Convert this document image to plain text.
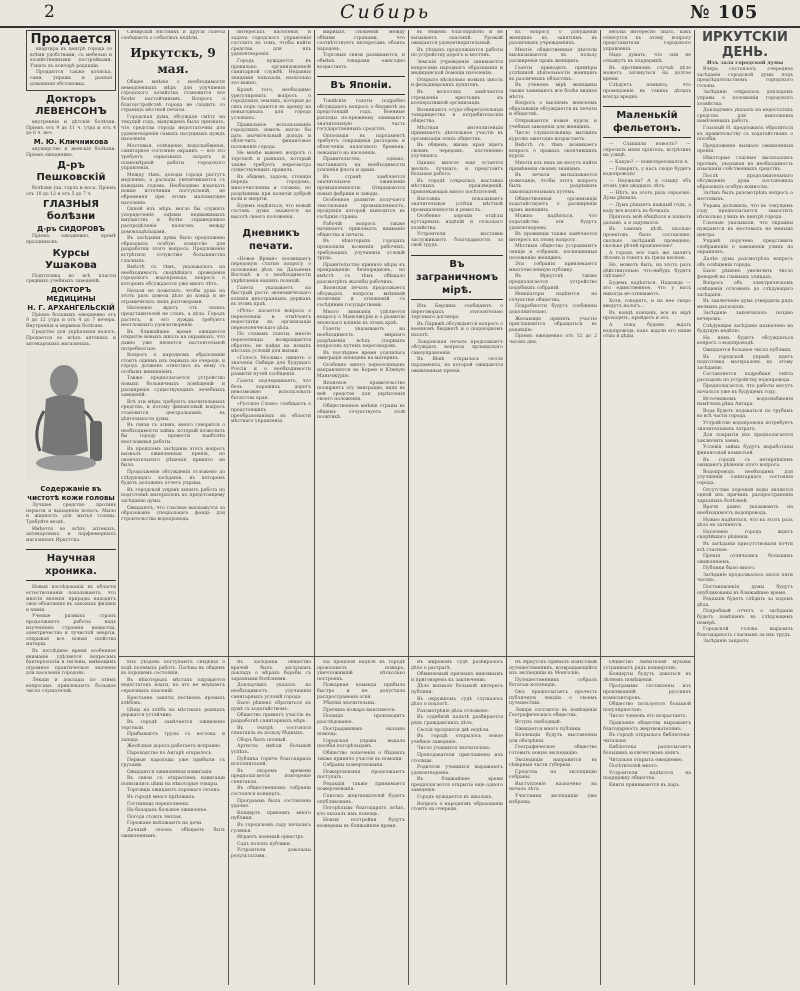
2	Сибирь	№ 105
Продается

квартира въ центрѣ города со всѣми удобствами, съ мебелью и хозяйственными постройками. Узнать въ конторѣ редакціи.

Продаются также коляска, сани, упряжь и разная домашняя обстановка.

Докторъ ЛЕВЕНСОНЪ

внутреннія и дѣтскія болѣзни. Пріемъ отъ 9 до 11 ч. утра и отъ 4 до 6 ч. веч.

М. Ю. Кличникова

акушерство и женскія болѣзни. Пріемъ ежедневно.

Д-ръ Пешковскій

болѣзни уха, горла и носа. Пріемъ отъ 10 до 12 и отъ 5 до 7 ч.

ГЛАЗНЫЯ болѣзни
Д-ръ СИДОРОВЪ

Пріемъ ежедневно, кромѣ праздниковъ.

Курсы Ушакова

Подготовка во всѣ классы среднихъ учебныхъ заведеній.

ДОКТОРЪ МЕДИЦИНЫ
Н. Г. АРХАНГЕЛЬСКІЙ

Пріемъ больныхъ ежедневно отъ 9 до 12 утра и отъ 4 до 7 вечера. Внутреннія и нервныя болѣзни.

Средство для укрѣпленія волосъ. Продается во всѣхъ аптекахъ и аптекарскихъ магазинахъ.

Содержаніе въ чистотѣ кожи головы

Лучшее средство противъ перхоти и выпаденія волосъ. Мыло и жидкость для мытья головы. Требуйте вездѣ.

Имѣется во всѣхъ аптекахъ, аптекарскихъ и парфюмерныхъ магазинахъ Иркутска.

Научная хроника.

Новыя изслѣдованія въ области естествознанія показываютъ, что многія явленія природы находятъ свое объясненіе въ законахъ физики и химіи.

Ученые разныхъ странъ продолжаютъ работы надъ изученіемъ строенія вещества, электричества и лучистой энергіи, открывая все новыя свойства матеріи.

Въ послѣднее время особенное вниманіе удѣляется вопросамъ бактеріологіи и гигіены, имѣющимъ огромное практическое значеніе для населенія городовъ.

Лекціи и доклады по этимъ вопросамъ привлекаютъ большое число слушателей.

Сибирскій Вѣстникъ и другія газеты сообщаютъ о событіяхъ недѣли.

Иркутскъ, 9 мая.

Общее мнѣніе о необходимости немедленныхъ мѣръ для улучшенія городского хозяйства становится все болѣе настойчивымъ. Вопросъ о благоустройствѣ города не сходитъ со страницъ мѣстной печати.

Городская дума, обсуждая смѣту на текущій годъ, вынуждена была признать, что средства города недостаточны для удовлетворенія самыхъ насущныхъ нуждъ населенія.

Мостовыя, освѣщеніе, водоснабженіе, санитарное состояніе окраинъ — все это требуетъ серьезныхъ затратъ и планомѣрной работы городского управленія.

Между тѣмъ, доходы города растутъ медленно, а расходы увеличиваются съ каждымъ годомъ. Необходимо изыскать новые источники поступленій, не обременяя при этомъ малоимущее населеніе.

Одной изъ мѣръ могло бы служить упорядоченіе оцѣнки недвижимыхъ имуществъ и болѣе справедливое распредѣленіе налоговъ между домовладѣльцами.

Въ засѣданіи думы было предложено образовать особую комиссію для разработки этого вопроса. Предложеніе встрѣтило сочувствіе большинства гласныхъ.

Вмѣстѣ съ тѣмъ, указывалось на необходимость скорѣйшаго проведенія городского водопровода, вопросъ о которомъ обсуждается уже много лѣтъ.

Нельзя не пожелать, чтобы дума на этотъ разъ довела дѣло до конца и не ограничилась лишь разговорами.

Населеніе ждетъ отъ своихъ представителей не словъ, а дѣла. Городъ растетъ, и его нужды требуютъ неотложнаго удовлетворенія.

Въ ближайшее время ожидается открытіе новыхъ школъ на окраинахъ, что давно уже является настоятельной потребностью.

Вопросъ о народномъ образованіи стоитъ однимъ изъ первыхъ на очереди, и городъ долженъ отнестись къ нему съ особымъ вниманіемъ.

Также предполагается устройство новыхъ больничныхъ помѣщеній и расширеніе существующихъ лечебныхъ заведеній.

Всѣ эти мѣры требуютъ значительныхъ средствъ, и потому финансовый вопросъ становится центральнымъ въ дѣятельности думы.

Въ связи съ этимъ, много говорится о необходимости займа, который позволилъ бы городу провести наиболѣе неотложныя работы.

Въ прошломъ засѣданіи этотъ вопросъ вызвалъ оживленныя пренія, но окончательнаго рѣшенія принято не было.

Продолженіе обсужденія отложено до слѣдующаго засѣданія, въ которомъ будетъ доложенъ отчетъ управы.

Въ городской управѣ кипитъ работа по подготовкѣ матеріаловъ къ предстоящему засѣданію думы.

Ожидаютъ, что гласные выскажутся за образованіе спеціальнаго фонда для строительства водопровода.

интересахъ населенія, и задача городского управленія состоитъ въ томъ, чтобы найти средства для ихъ удовлетворенія.

Городъ нуждается въ правильно организованной санитарной службѣ. Недавнія эпидеміи показали, насколько это важно.

Кромѣ того, необходимо урегулировать вопросъ о городскихъ земляхъ, которыя до сихъ поръ сдаются въ аренду на невыгодныхъ для города условіяхъ.

Правильное использованіе городскихъ земель могло бы дать значительный доходъ и облегчить финансовое положеніе города.

Не менѣе важенъ вопросъ о торговлѣ и рынкахъ, который также требуетъ пересмотра существующихъ правилъ.

Въ общемъ, задачи, стоящія передъ городомъ, многочисленны и сложны, но разрѣшимы при наличіи доброй воли и энергіи.

Будемъ надѣяться, что новый составъ думы окажется на высотѣ своего положенія.

Дневникъ печати.

«Новое Время» посвящаетъ передовую статью вопросу о положеніи дѣлъ на Дальнемъ Востокѣ и о необходимости укрѣпленія нашихъ позицій.

Газета указываетъ на быстрый ростъ экономическаго вліянія иностранныхъ державъ въ этомъ краѣ.

«Рѣчь» касается вопроса о переселеніи и отмѣчаетъ недостатки въ организаціи переселенческаго дѣла.

По словамъ газеты, многіе переселенцы возвращаются обратно, не найдя на новыхъ мѣстахъ условій для жизни.

«Голосъ Москвы» пишетъ о значеніи Сибири для будущаго Россіи и о необходимости развитія путей сообщенія.

Газета подчеркиваетъ, что безъ хорошихъ дорогъ невозможно использовать богатства края.

«Русское Слово» сообщаетъ о предстоящихъ преобразованіяхъ въ области мѣстнаго управленія.

мирныхъ сношеній между обѣими странами, что соотвѣтствуетъ интересамъ обоихъ народовъ.

Торговыя связи развиваются, и обмѣнъ товарами ежегодно возрастаетъ.

Въ Японіи.

Токійскія газеты подробно обсуждаютъ вопросъ о бюджетѣ на предстоящій годъ. Военные расходы по-прежнему занимаютъ значительную часть государственныхъ средствъ.

Оппозиція въ парламентѣ требуетъ сокращенія расходовъ и облегченія налогового бремени, лежащаго на населеніи.

Правительство, однако, настаиваетъ на необходимости усиленія флота и арміи.

Въ странѣ замѣчается значительное оживленіе промышленности. Открываются новыя фабрики и заводы.

Особенное развитіе получаетъ текстильная промышленность, продукція которой вывозится въ сосѣднія страны.

Рабочій вопросъ также начинаетъ привлекать вниманіе общества и печати.

Въ нѣкоторыхъ городахъ произошли волненія рабочихъ, требующихъ улучшенія условій труда.

Правительство приняло мѣры къ прекращенію безпорядковъ, но вмѣстѣ съ тѣмъ обѣщало разсмотрѣть жалобы рабочихъ.

Японская печать продолжаетъ обсуждать вопросы внѣшней политики и отношеній съ сосѣдними государствами.

Много вниманія удѣляется вопросу о Маньчжуріи и о развитіи японскаго вліянія въ этомъ краѣ.

Газеты указываютъ на необходимость мирнаго разрѣшенія всѣхъ спорныхъ вопросовъ путемъ переговоровъ.

Въ послѣднее время усилилась эмиграція японцевъ на материкъ.

Особенно много переселенцевъ направляется въ Корею и Южную Маньчжурію.

Японское правительство поощряетъ эту эмиграцію, видя въ ней средство для укрѣпленія своего положенія.

Общественное мнѣніе страны въ общемъ сочувствуетъ этой политикѣ.

въ общемъ благопріятно и не вызываетъ опасеній. Урожай ожидается удовлетворительный.

Въ уѣздахъ продолжаются работы по устройству дорогъ и мостовъ.

Земскія учрежденія занимаются вопросами народнаго образованія и медицинской помощи населенію.

Открыто нѣсколько новыхъ школъ и фельдшерскихъ пунктовъ.

Въ волостяхъ замѣчается стремленіе крестьянъ къ кооперативной организаціи.

Возникаютъ ссудо-сберегательныя товарищества и потребительскія общества.

Мѣстная интеллигенція принимаетъ дѣятельное участіе въ организаціи этихъ обществъ.

Въ общемъ, жизнь края идетъ своимъ чередомъ, постепенно улучшаясь.

Однако многое еще остается желать лучшаго, и предстоитъ большая работа.

Въ городѣ открылась выставка мѣстныхъ произведеній, привлекающая много посѣтителей.

Выставка показываетъ значительные успѣхи мѣстной промышленности и ремеслъ.

Особенно хороши отдѣлы кустарныхъ издѣлій и сельскаго хозяйства.

Устроители выставки заслуживаютъ благодарности за свой трудъ.

Въ заграничномъ мірѣ.

Изъ Берлина сообщаютъ о переговорахъ относительно торговаго договора.

Въ Парижѣ обсуждается вопросъ о военномъ бюджетѣ и о подоходномъ налогѣ.

Лондонская печать продолжаетъ обсуждать вопросы ирландскаго самоуправленія.

Въ Вѣнѣ открылась сессія парламента, на которой ожидаются оживленныя пренія.

къ вопросу о допущеніи женщинъ къ занятіямъ въ различныхъ учрежденіяхъ.

Многіе общественные дѣятели высказываются въ пользу расширенія правъ женщинъ.

Газеты приводятъ примѣры успѣшной дѣятельности женщинъ въ различныхъ областяхъ.

Въ ученомъ мірѣ женщины также занимаютъ все болѣе видное мѣсто.

Вопросъ о высшемъ женскомъ образованіи обсуждается въ печати и обществѣ.

Открываются новые курсы и учебныя заведенія для женщинъ.

Число слушательницъ высшихъ курсовъ ежегодно возрастаетъ.

Вмѣстѣ съ тѣмъ возникаетъ вопросъ о правахъ окончившихъ курсы.

Многія изъ нихъ не могутъ найти примѣненія своимъ знаніямъ.

Въ печати высказывается пожеланіе, чтобы этотъ вопросъ былъ разрѣшенъ законодательнымъ путемъ.

Общественныя организаціи ходатайствуютъ о расширеніи правъ женщинъ.

Можно надѣяться, что ходатайства эти будутъ удовлетворены.

Въ провинціи также замѣчается интересъ къ этому вопросу.

Мѣстныя общества устраиваютъ лекціи и собранія, посвященныя положенію женщинъ.

Эти собранія привлекаютъ многочисленную публику.

Въ Иркутскѣ также предполагается устройство подобныхъ собраній.

Иниціаторы надѣются на сочувствіе общества.

Подробности будутъ сообщены дополнительно.

Желающіе принять участіе приглашаются обращаться въ редакцію.

Пріемъ ежедневно отъ 12 до 2 часовъ дня.

весьма интересно знать, какъ отнесутся къ этому вопросу представители городского управленія.

Надо думать, что они не откажутъ въ поддержкѣ.

Въ противномъ случаѣ дѣло можетъ затянуться на долгое время.

Слѣдуетъ помнить, что промедленіе въ такихъ дѣлахъ всегда вредно.

Маленькій фельетонъ.

— Слышали новость? — спросилъ меня пріятель, встрѣтивъ на улицѣ.

— Какую? — поинтересовался я.

— Говорятъ, у насъ скоро будетъ водопроводъ!

— Неужели? А я слышу объ этомъ уже двадцать лѣтъ.

— Нѣтъ, на этотъ разъ серьезно. Дума рѣшила.

— Дума рѣшаетъ каждый годъ, а воду все возятъ въ бочкахъ.

Пріятель мой обидѣлся и пошелъ дальше, а я задумался.

Въ самомъ дѣлѣ, сколько проектовъ было составлено, сколько засѣданій проведено, сколько рѣчей произнесено!

А городъ все такъ же пылитъ лѣтомъ и тонетъ въ грязи весною.

Но, можетъ быть, на этотъ разъ дѣйствительно что-нибудь будетъ сдѣлано?

Будемъ надѣяться. Надежда — это единственное, что у насъ никогда не отнимаютъ.

Хотя, говорятъ, и на нее скоро введутъ налогъ...

Въ концѣ концовъ, все въ мірѣ проходитъ, пройдетъ и это.

А пока будемъ ждать водопровода, какъ ждали его наши отцы и дѣды.

ИРКУТСКІЙ ДЕНЬ.
Изъ зала городской думы

Вчера состоялось очередное засѣданіе городской думы подъ предсѣдательствомъ городского головы.

Засѣданіе открылось докладомъ управы о положеніи городского хозяйства.

Докладчикъ указалъ на недостатокъ средствъ для выполненія намѣченныхъ работъ.

Гласный Н. предложилъ обратиться къ правительству съ ходатайствомъ о пособіи.

Предложеніе вызвало оживленныя пренія.

Нѣкоторые гласные высказались противъ, указывая на необходимость изысканія собственныхъ средствъ.

Послѣ продолжительнаго обсужденія дума постановила образовать особую комиссію.

Затѣмъ былъ разсмотрѣнъ вопросъ о мостовыхъ.

Управа доложила, что въ текущемъ году предполагается замостить нѣсколько улицъ въ центрѣ города.

Гласные указывали, что окраины нуждаются въ мостовыхъ не меньше центра.

Управѣ поручено представить соображенія о замощеніи улицъ на окраинахъ.

Далѣе дума разсмотрѣла вопросъ объ освѣщеніи города.

Было рѣшено увеличить число фонарей на главныхъ улицахъ.

Вопросъ объ электрическомъ освѣщеніи отложенъ до слѣдующаго засѣданія.

Въ заключеніе дума утвердила рядъ мелкихъ расходовъ.

Засѣданіе закончилось поздно вечеромъ.

Слѣдующее засѣданіе назначено на будущую недѣлю.

На немъ будетъ обсуждаться вопросъ о водопроводѣ.

Ожидается большое число публики.

Въ городской управѣ идетъ подготовка матеріаловъ къ этому засѣданію.

Составляется подробная смѣта расходовъ по устройству водопровода.

Предполагается, что работы могутъ начаться уже въ будущемъ году.

Источникомъ водоснабженія намѣчена рѣка Ангара.

Вода будетъ подаваться по трубамъ во всѣ части города.

Устройство водопровода потребуетъ значительныхъ затратъ.

Для покрытія ихъ предполагается заключить заемъ.

Условія займа будутъ выработаны финансовой комиссіей.

Въ городѣ съ нетерпѣніемъ ожидаютъ рѣшенія этого вопроса.

Водопроводъ необходимъ для улучшенія санитарнаго состоянія города.

Отсутствіе хорошей воды является одной изъ причинъ распространенія заразныхъ болѣзней.

Врачи давно указываютъ на необходимость водопровода.

Нужно надѣяться, что на этотъ разъ дѣло не затянется.

Населеніе города ждетъ скорѣйшаго рѣшенія.

Въ засѣданіи присутствовали почти всѣ гласные.

Пренія отличались большимъ оживленіемъ.

Публики было много.

Засѣданіе продолжалось около пяти часовъ.

Постановленія думы будутъ опубликованы въ ближайшее время.

Редакція будетъ слѣдить за ходомъ дѣла.

Подробный отчетъ о засѣданіи будетъ помѣщенъ въ слѣдующемъ номерѣ.

Городской голова выразилъ благодарность гласнымъ за ихъ трудъ.

Засѣданіе закрыто.

Изъ уѣздовъ поступаютъ свѣдѣнія о ходѣ полевыхъ работъ. Посѣвы въ общемъ въ хорошемъ состояніи.

Въ нѣкоторыхъ мѣстахъ ощущается недостатокъ влаги, но это не внушаетъ серьезныхъ опасеній.

Крестьяне заняты посѣвомъ яровыхъ хлѣбовъ.

Цѣны на хлѣбъ на мѣстныхъ рынкахъ держатся устойчиво.

Въ городѣ замѣчается оживленіе торговли.

Прибываютъ грузы съ востока и запада.

Желѣзная дорога работаетъ исправно.

Пароходство по Ангарѣ открылось.

Первые пароходы уже прибыли съ грузами.

Ожидается оживленная навигація.

Въ связи съ открытіемъ навигаціи понизились цѣны на нѣкоторые товары.

Торговцы ожидаютъ хорошаго сезона.

Въ городѣ много пріѣзжихъ.

Гостиницы переполнены.

На базарахъ большое оживленіе.

Погода стоитъ теплая.

Горожане выѣзжаютъ на дачи.

Дачный сезонъ обѣщаетъ быть оживленнымъ.

Въ засѣданіи общества врачей былъ заслушанъ докладъ о мѣрахъ борьбы съ заразными болѣзнями.

Докладчикъ указалъ на необходимость улучшенія санитарныхъ условій города.

Было рѣшено обратиться къ думѣ съ ходатайствомъ.

Общество приметъ участіе въ разработкѣ санитарныхъ мѣръ.

Въ театрѣ состоялся спектакль въ пользу бѣдныхъ.

Сборъ былъ полный.

Артисты имѣли большой успѣхъ.

Публика горячо благодарила исполнителей.

Въ скоромъ времени предполагается повтореніе спектакля.

Въ общественномъ собраніи состоялся концертъ.

Программа была составлена удачно.

Концертъ привлекъ много публики.

Въ городскомъ саду начались гулянья.

Играетъ военный оркестръ.

Садъ полонъ публики.

Устроители довольны результатами.

На прошлой недѣлѣ въ городѣ произошелъ пожаръ, уничтожившій нѣсколько построекъ.

Пожарная команда прибыла быстро и не допустила распространенія огня.

Убытки значительны.

Причина пожара выясняется.

Полиція производитъ разслѣдованіе.

Пострадавшимъ оказана помощь.

Городская управа выдала пособія погорѣльцамъ.

Общество попеченія о бѣдныхъ также приняло участіе въ помощи.

Собраны пожертвованія.

Пожертвованія продолжаютъ поступать.

Редакція также принимаетъ пожертвованія.

Списокъ жертвователей будетъ опубликованъ.

Погорѣльцы благодарятъ всѣхъ, кто оказалъ имъ помощь.

Новыя постройки будутъ возведены въ ближайшее время.

Въ мировомъ судѣ разбиралось дѣло о растратѣ.

Обвиняемый признанъ виновнымъ и приговоренъ къ заключенію.

Дѣло вызвало большой интересъ публики.

Въ окружномъ судѣ слушалось дѣло о подлогѣ.

Разсмотрѣніе дѣла отложено.

Въ судебной палатѣ разбирается рядъ гражданскихъ дѣлъ.

Сессія продлится двѣ недѣли.

Въ городѣ открылось новое учебное заведеніе.

Число учащихся значительно.

Преподаватели приглашены изъ столицы.

Родители учащихся выражаютъ удовлетвореніе.

Въ ближайшее время предполагается открытіе еще одного заведенія.

Городъ нуждается въ школахъ.

Вопросъ о народномъ образованіи стоитъ на очереди.

Въ Иркутскъ прибылъ извѣстный путешественникъ, возвращающійся изъ экспедиціи въ Монголію.

Путешественникъ собралъ богатыя коллекціи.

Онъ предполагаетъ прочесть публичную лекцію о своемъ путешествіи.

Лекція состоится въ помѣщеніи Географическаго общества.

Вступъ свободный.

Ожидается много публики.

Коллекціи будутъ выставлены для обозрѣнія.

Географическое общество готовитъ новую экспедицію.

Экспедиція направится въ сѣверныя части губерніи.

Средства на экспедицію собраны.

Выступленіе назначено на начало лѣта.

Участники экспедиціи уже избраны.

Общество любителей музыки устраиваетъ рядъ концертовъ.

Концерты будутъ даваться въ лѣтнемъ помѣщеніи.

Программы составлены изъ произведеній русскихъ композиторовъ.

Общество пользуется большой популярностью.

Число членовъ его возрастаетъ.

Правленіе общества выражаетъ благодарность жертвователямъ.

Въ городѣ открылась библіотека-читальня.

Библіотека располагаетъ большимъ количествомъ книгъ.

Читальня открыта ежедневно.

Посѣтителей много.

Устроители надѣются на поддержку общества.

Книги принимаются въ даръ.
